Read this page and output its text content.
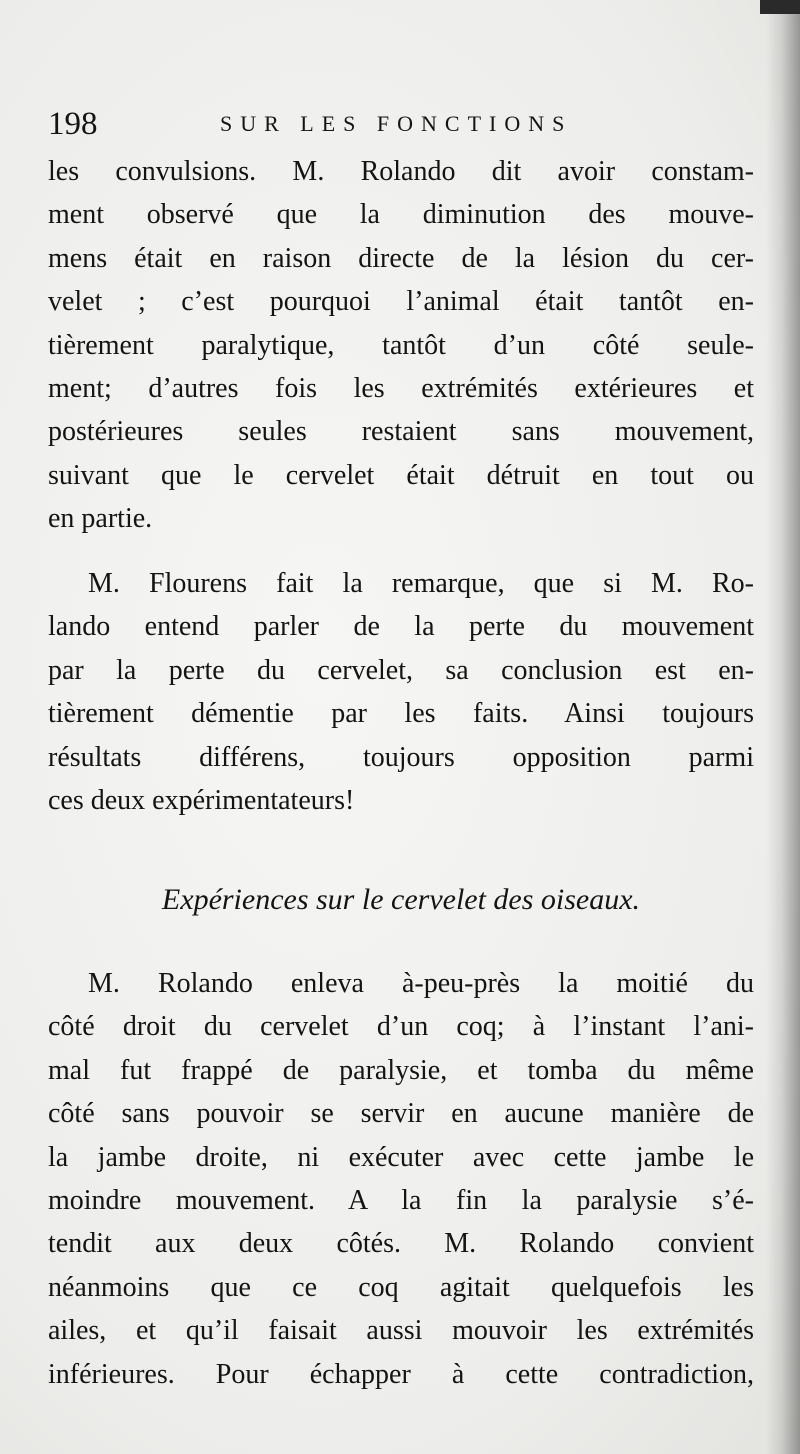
198	SUR LES FONCTIONS
les convulsions. M. Rolando dit avoir constam-
ment observé que la diminution des mouve-
mens était en raison directe de la lésion du cer-
velet ; c’est pourquoi l’animal était tantôt en-
tièrement paralytique, tantôt d’un côté seule-
ment; d’autres fois les extrémités extérieures et
postérieures seules restaient sans mouvement,
suivant que le cervelet était détruit en tout ou
en partie.
M. Flourens fait la remarque, que si M. Ro-
lando entend parler de la perte du mouvement
par la perte du cervelet, sa conclusion est en-
tièrement démentie par les faits. Ainsi toujours
résultats différens, toujours opposition parmi
ces deux expérimentateurs!
Expériences sur le cervelet des oiseaux.
M. Rolando enleva à-peu-près la moitié du
côté droit du cervelet d’un coq; à l’instant l’ani-
mal fut frappé de paralysie, et tomba du même
côté sans pouvoir se servir en aucune manière de
la jambe droite, ni exécuter avec cette jambe le
moindre mouvement. A la fin la paralysie s’é-
tendit aux deux côtés. M. Rolando convient
néanmoins que ce coq agitait quelquefois les
ailes, et qu’il faisait aussi mouvoir les extrémités
inférieures. Pour échapper à cette contradiction,
